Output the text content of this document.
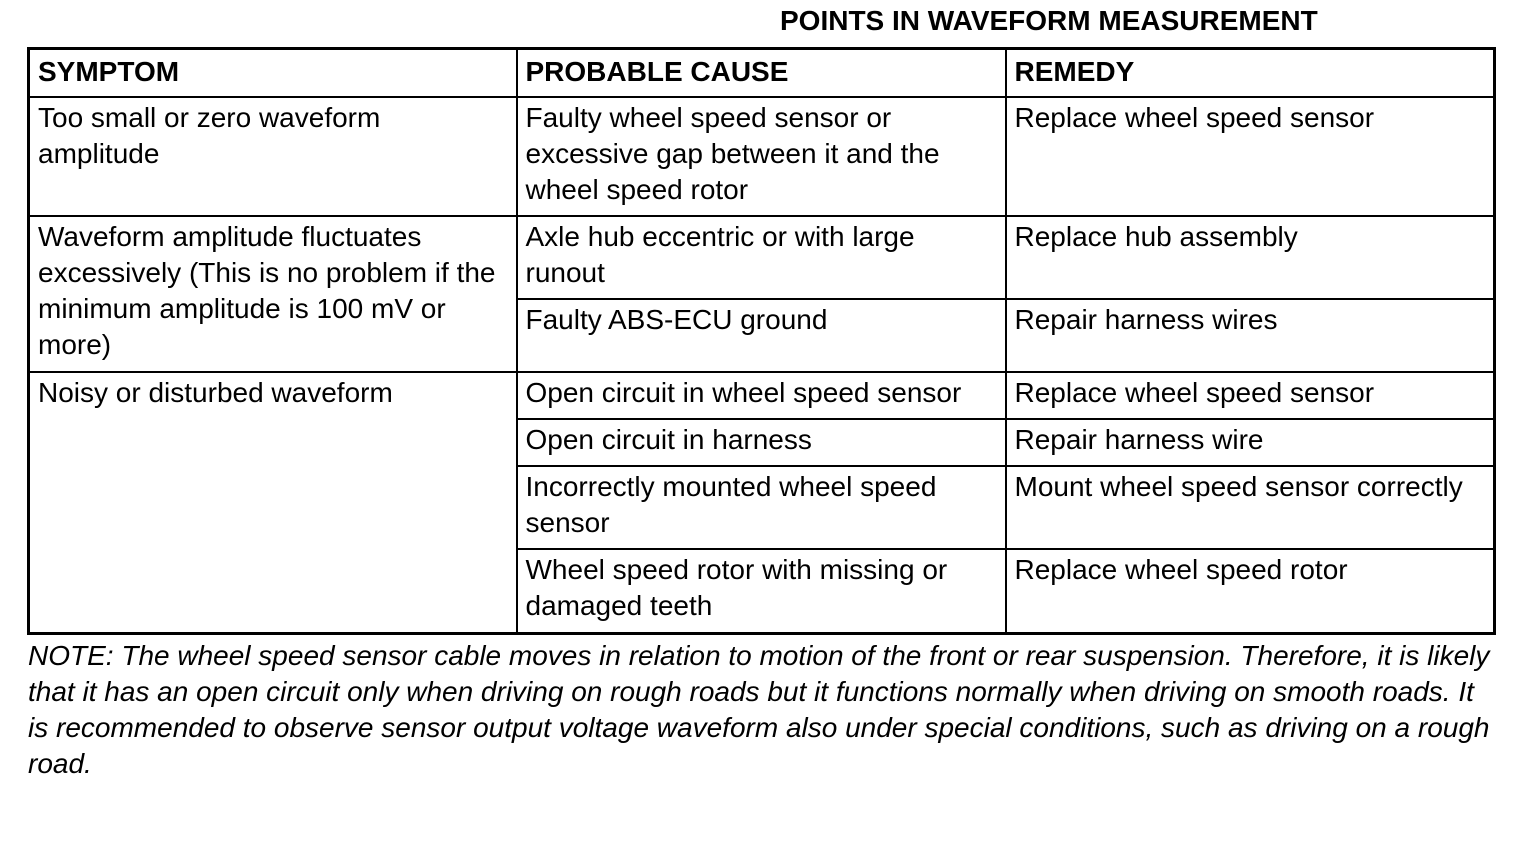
POINTS IN WAVEFORM MEASUREMENT
SYMPTOM	PROBABLE CAUSE	REMEDY
Too small or zero waveform amplitude	Faulty wheel speed sensor or excessive gap between it and the wheel speed rotor	Replace wheel speed sensor
Waveform amplitude fluctuates excessively (This is no problem if the minimum amplitude is 100 mV or more)	Axle hub eccentric or with large runout	Replace hub assembly
	Faulty ABS-ECU ground	Repair harness wires
Noisy or disturbed waveform	Open circuit in wheel speed sensor	Replace wheel speed sensor
	Open circuit in harness	Repair harness wire
	Incorrectly mounted wheel speed sensor	Mount wheel speed sensor correctly
	Wheel speed rotor with missing or damaged teeth	Replace wheel speed rotor
NOTE: The wheel speed sensor cable moves in relation to motion of the front or rear suspension. Therefore, it is likely that it has an open circuit only when driving on rough roads but it functions normally when driving on smooth roads. It is recommended to observe sensor output voltage waveform also under special conditions, such as driving on a rough road.
